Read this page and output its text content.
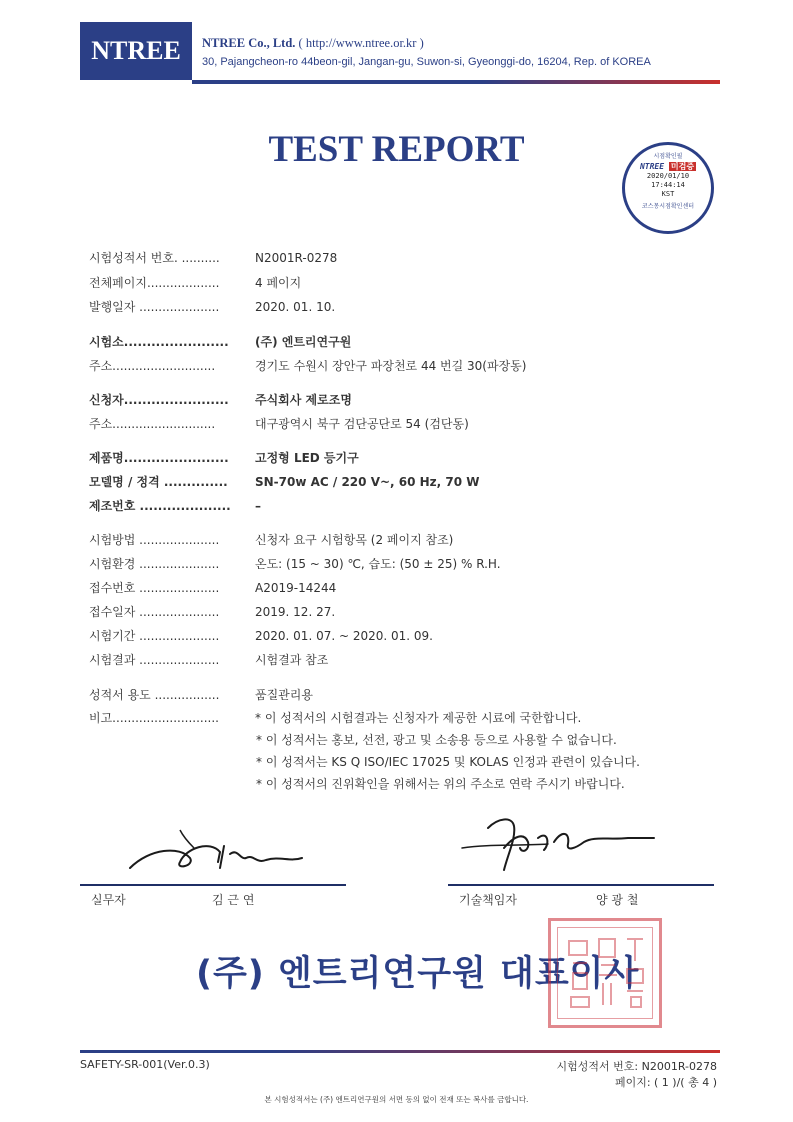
NTREE NTREE Co., Ltd. ( http://www.ntree.or.kr )
30, Pajangcheon-ro 44beon-gil, Jangan-gu, Suwon-si, Gyeonggi-do, 16204, Rep. of KOREA
TEST REPORT	시점확인필
NTREE 미검증
2020/01/10
17:44:14
KST
코스몽시점확인센터
시험성적서 번호. ..........	N2001R-0278
전체페이지...................	4 페이지
발행일자 .....................	2020. 01. 10.
시험소....................... (주) 엔트리연구원
주소...........................	경기도 수원시 장안구 파장천로 44 번길 30(파장동)
신청자....................... 주식회사 제로조명
주소...........................	대구광역시 북구 검단공단로 54 (검단동)
제품명....................... 고정형 LED 등기구
모델명 / 정격 .............. SN-70w AC / 220 V~, 60 Hz, 70 W
제조번호 .................... –
시험방법 .....................	신청자 요구 시험항목 (2 페이지 참조)
시험환경 .....................	온도: (15 ~ 30) ℃, 습도: (50 ± 25) % R.H.
접수번호 .....................	A2019-14244
접수일자 .....................	2019. 12. 27.
시험기간 .....................	2020. 01. 07. ~ 2020. 01. 09.
시험결과 .....................	시험결과 참조
성적서 용도 .................	품질관리용
비고............................	* 이 성적서의 시험결과는 신청자가 제공한 시료에 국한합니다.
* 이 성적서는 홍보, 선전, 광고 및 소송용 등으로 사용할 수 없습니다.
* 이 성적서는 KS Q ISO/IEC 17025 및 KOLAS 인정과 관련이 있습니다.
* 이 성적서의 진위확인을 위해서는 위의 주소로 연락 주시기 바랍니다.
실무자	김 근 연	기술책임자	양 광 철
(주) 엔트리연구원 대표이사
SAFETY-SR-001(Ver.0.3)	시험성적서 번호: N2001R-0278
페이지: ( 1 )/( 총 4 )
본 시험성적서는 (주) 엔트리연구원의 서면 동의 없이 전재 또는 복사를 금합니다.
